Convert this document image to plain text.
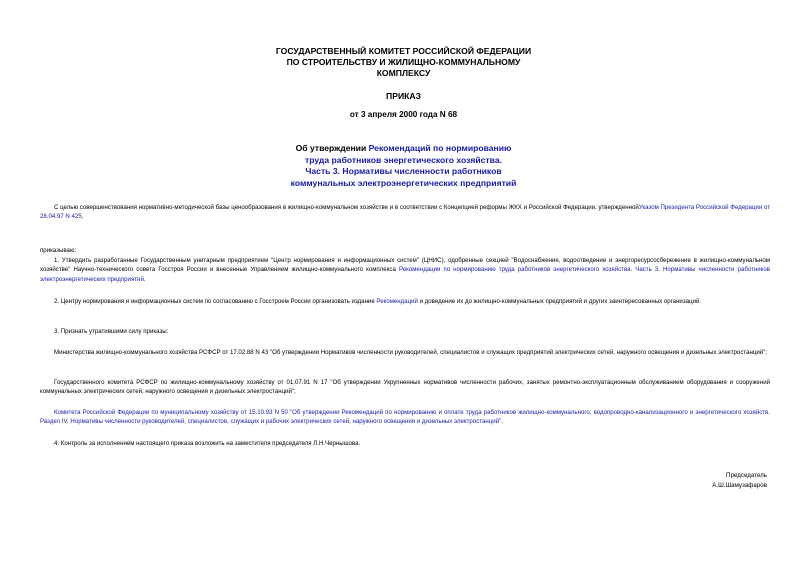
ГОСУДАРСТВЕННЫЙ КОМИТЕТ РОССИЙСКОЙ ФЕДЕРАЦИИ
ПО СТРОИТЕЛЬСТВУ И ЖИЛИЩНО-КОММУНАЛЬНОМУ
КОМПЛЕКСУ
ПРИКАЗ
от 3 апреля 2000 года N 68
Об утверждении Рекомендаций по нормированию
труда работников энергетического хозяйства.
Часть 3. Нормативы численности работников
коммунальных электроэнергетических предприятий
С целью совершенствования нормативно-методической базы ценообразования в жилищно-коммунальном хозяйстве и в соответствии с Концепцией реформы ЖКХ и Российской Федерации, утвержденнойУказом Президента Российской Федерации от 28.04.97 N 425,
приказываю:
1. Утвердить разработанные Государственным унитарным предприятием "Центр нормирования и информационных систем" (ЦНИС), одобренные секцией "Водоснабжение, водоотведение и энергоресурсосбережение в жилищно-коммунальном хозяйстве" Научно-технического совета Госстроя России и внесенные Управлением жилищно-коммунального комплекса Рекомендации по нормированию труда работников энергетического хозяйства. Часть 3. Нормативы численности работников электроэнергетических предприятий.
2. Центру нормирования и информационных систем по согласованию с Госстроем России организовать издание Рекомендаций и доведение их до жилищно-коммунальных предприятий и других заинтересованных организаций.
3. Признать утратившими силу приказы:
Министерства жилищно-коммунального хозяйства РСФСР от 17.02.88 N 43 "Об утверждении Нормативов численности руководителей, специалистов и служащих предприятий электрических сетей, наружного освещения и дизельных электростанций";
Государственного комитета РСФСР по жилищно-коммунальному хозяйству от 01.07.91 N 17 "Об утверждении Укрупненных нормативов численности рабочих, занятых ремонтно-эксплуатационным обслуживанием оборудования и сооружений коммунальных электрических сетей, наружного освещения и дизельных электростанций";
Комитета Российской Федерации по муниципальному хозяйству от 15.10.93 N 50 "Об утверждении Рекомендаций по нормированию и оплате труда работников жилищно-коммунального, водопроводно-канализационного и энергетического хозяйств. Раздел IV. Нормативы численности руководителей, специалистов, служащих и рабочих электрических сетей, наружного освещения и дизельных электростанций".
4. Контроль за исполнением настоящего приказа возложить на заместителя председателя Л.Н.Чернышова.
Председатель
А.Ш.Шамузафаров
